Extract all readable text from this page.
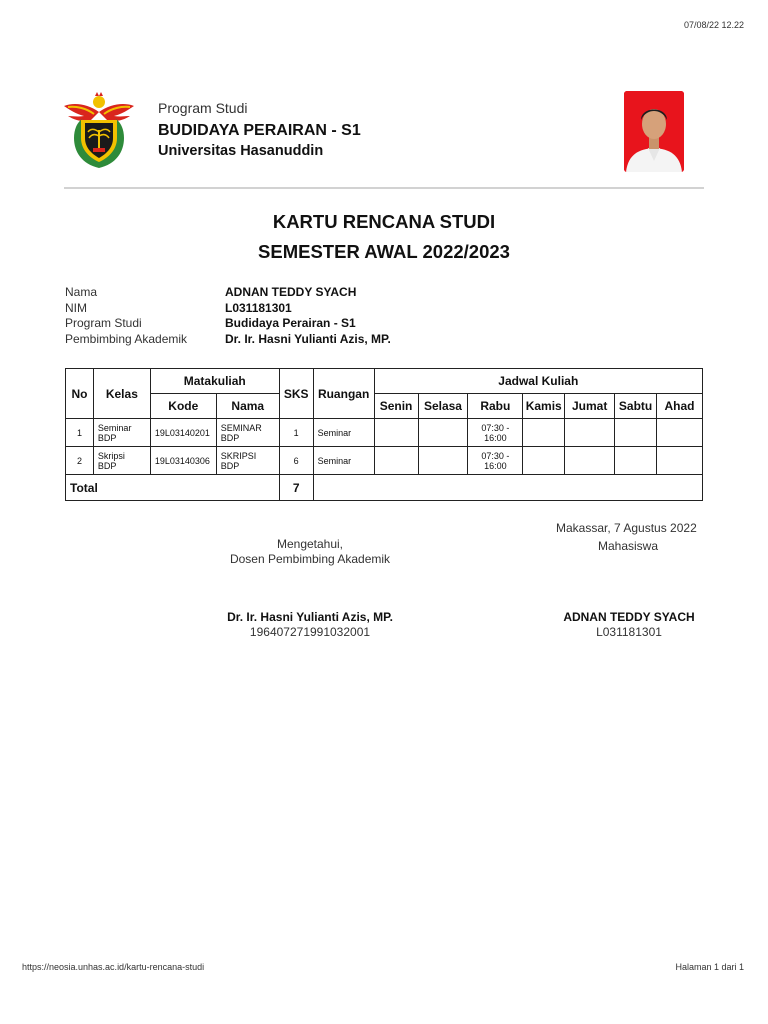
07/08/22 12.22
Program Studi
BUDIDAYA PERAIRAN - S1
Universitas Hasanuddin
KARTU RENCANA STUDI
SEMESTER AWAL 2022/2023
Nama	ADNAN TEDDY SYACH
NIM	L031181301
Program Studi	Budidaya Perairan - S1
Pembimbing Akademik	Dr. Ir. Hasni Yulianti Azis, MP.
No	Kelas	Matakuliah		SKS	Ruangan	Jadwal Kuliah						
		Kode	Nama			Senin	Selasa	Rabu	Kamis	Jumat	Sabtu	Ahad
1	Seminar BDP	19L03140201	SEMINAR BDP	1	Seminar			07:30 - 16:00				
2	Skripsi BDP	19L03140306	SKRIPSI BDP	6	Seminar			07:30 - 16:00				
Total				7								
Makassar, 7 Agustus 2022
Mahasiswa
Mengetahui,
Dosen Pembimbing Akademik
Dr. Ir. Hasni Yulianti Azis, MP.
196407271991032001
ADNAN TEDDY SYACH
L031181301
https://neosia.unhas.ac.id/kartu-rencana-studi	Halaman 1 dari 1
